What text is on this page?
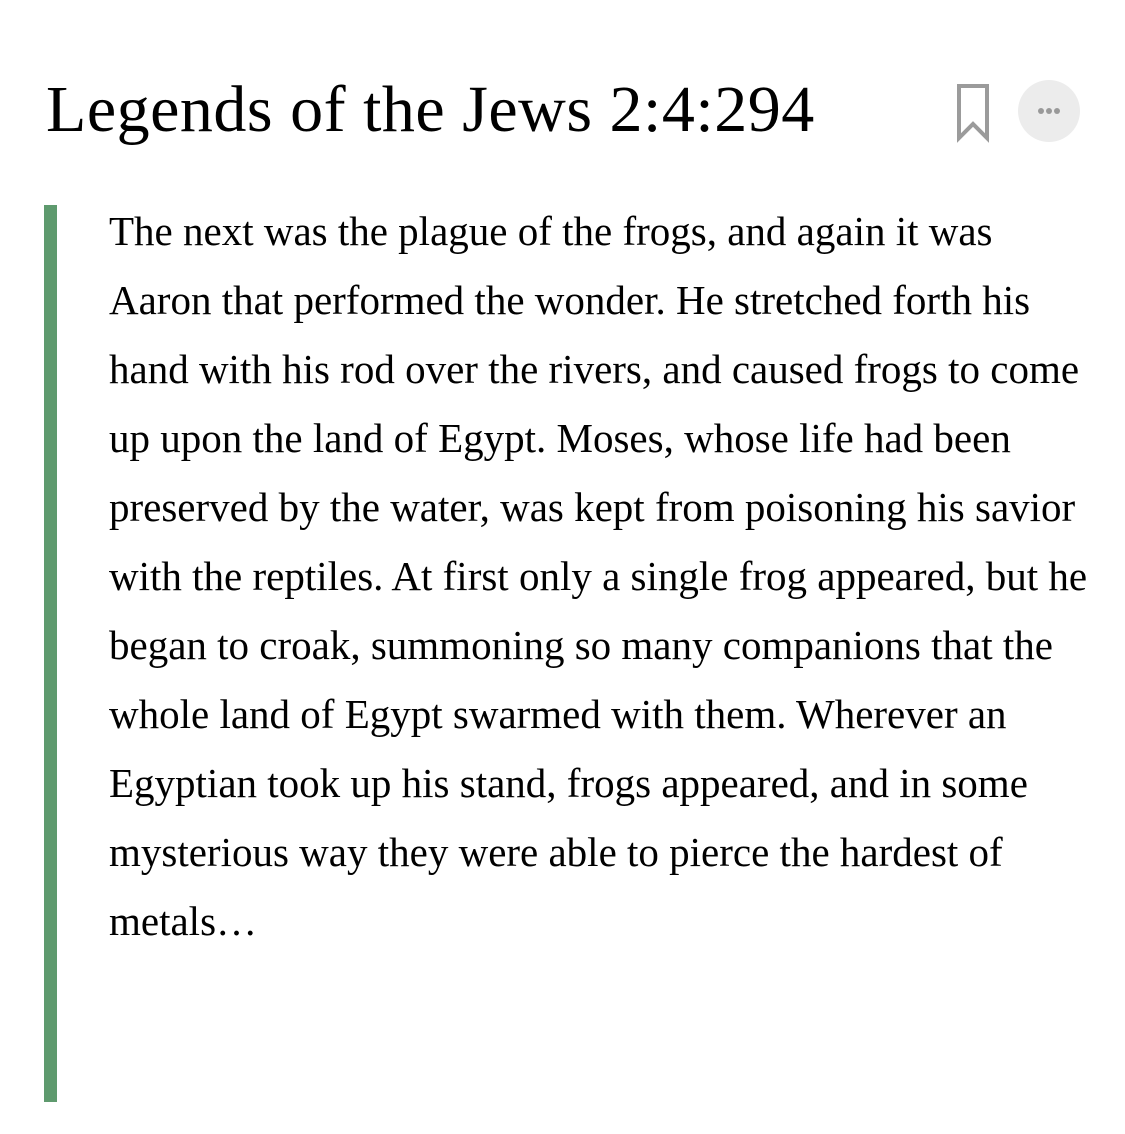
Legends of the Jews 2:4:294

The next was the plague of the frogs, and again it was Aaron that performed the wonder. He stretched forth his hand with his rod over the rivers, and caused frogs to come up upon the land of Egypt. Moses, whose life had been preserved by the water, was kept from poisoning his savior with the reptiles. At first only a single frog appeared, but he began to croak, summoning so many companions that the whole land of Egypt swarmed with them. Wherever an Egyptian took up his stand, frogs appeared, and in some mysterious way they were able to pierce the hardest of metals…
